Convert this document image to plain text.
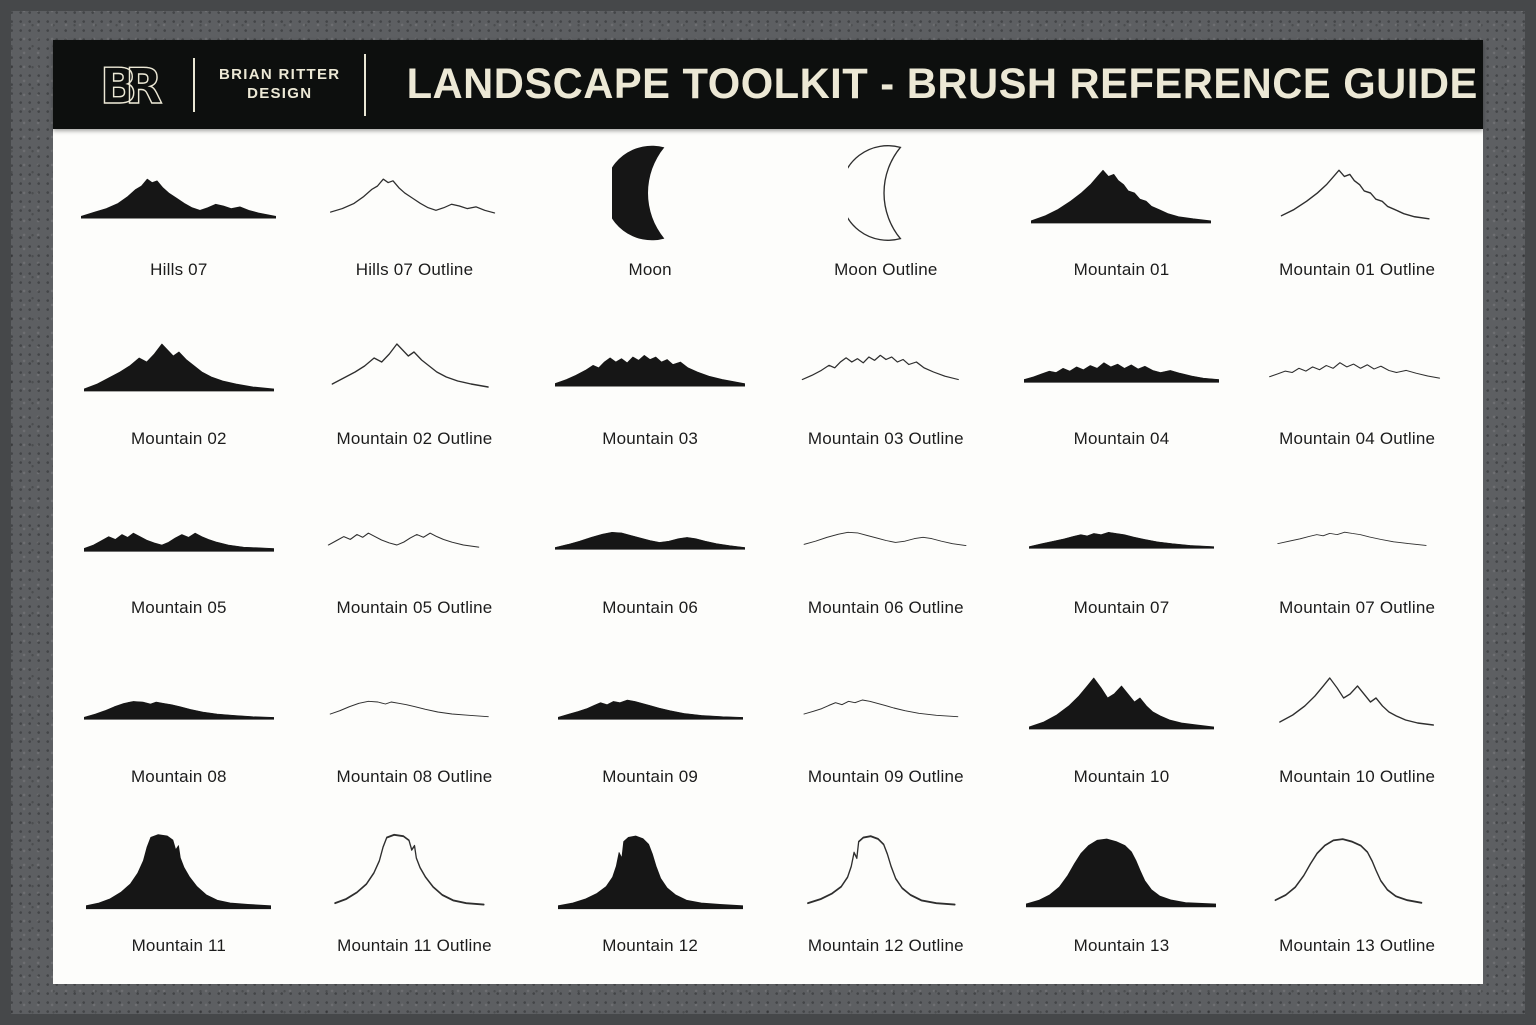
BR	BRIAN RITTER
DESIGN	LANDSCAPE TOOLKIT - BRUSH REFERENCE GUIDE
Hills 07	Hills 07 Outline	Moon	Moon Outline	Mountain 01	Mountain 01 Outline
Mountain 02	Mountain 02 Outline	Mountain 03	Mountain 03 Outline	Mountain 04	Mountain 04 Outline
Mountain 05	Mountain 05 Outline	Mountain 06	Mountain 06 Outline	Mountain 07	Mountain 07 Outline
Mountain 08	Mountain 08 Outline	Mountain 09	Mountain 09 Outline	Mountain 10	Mountain 10 Outline
Mountain 11	Mountain 11 Outline	Mountain 12	Mountain 12 Outline	Mountain 13	Mountain 13 Outline
